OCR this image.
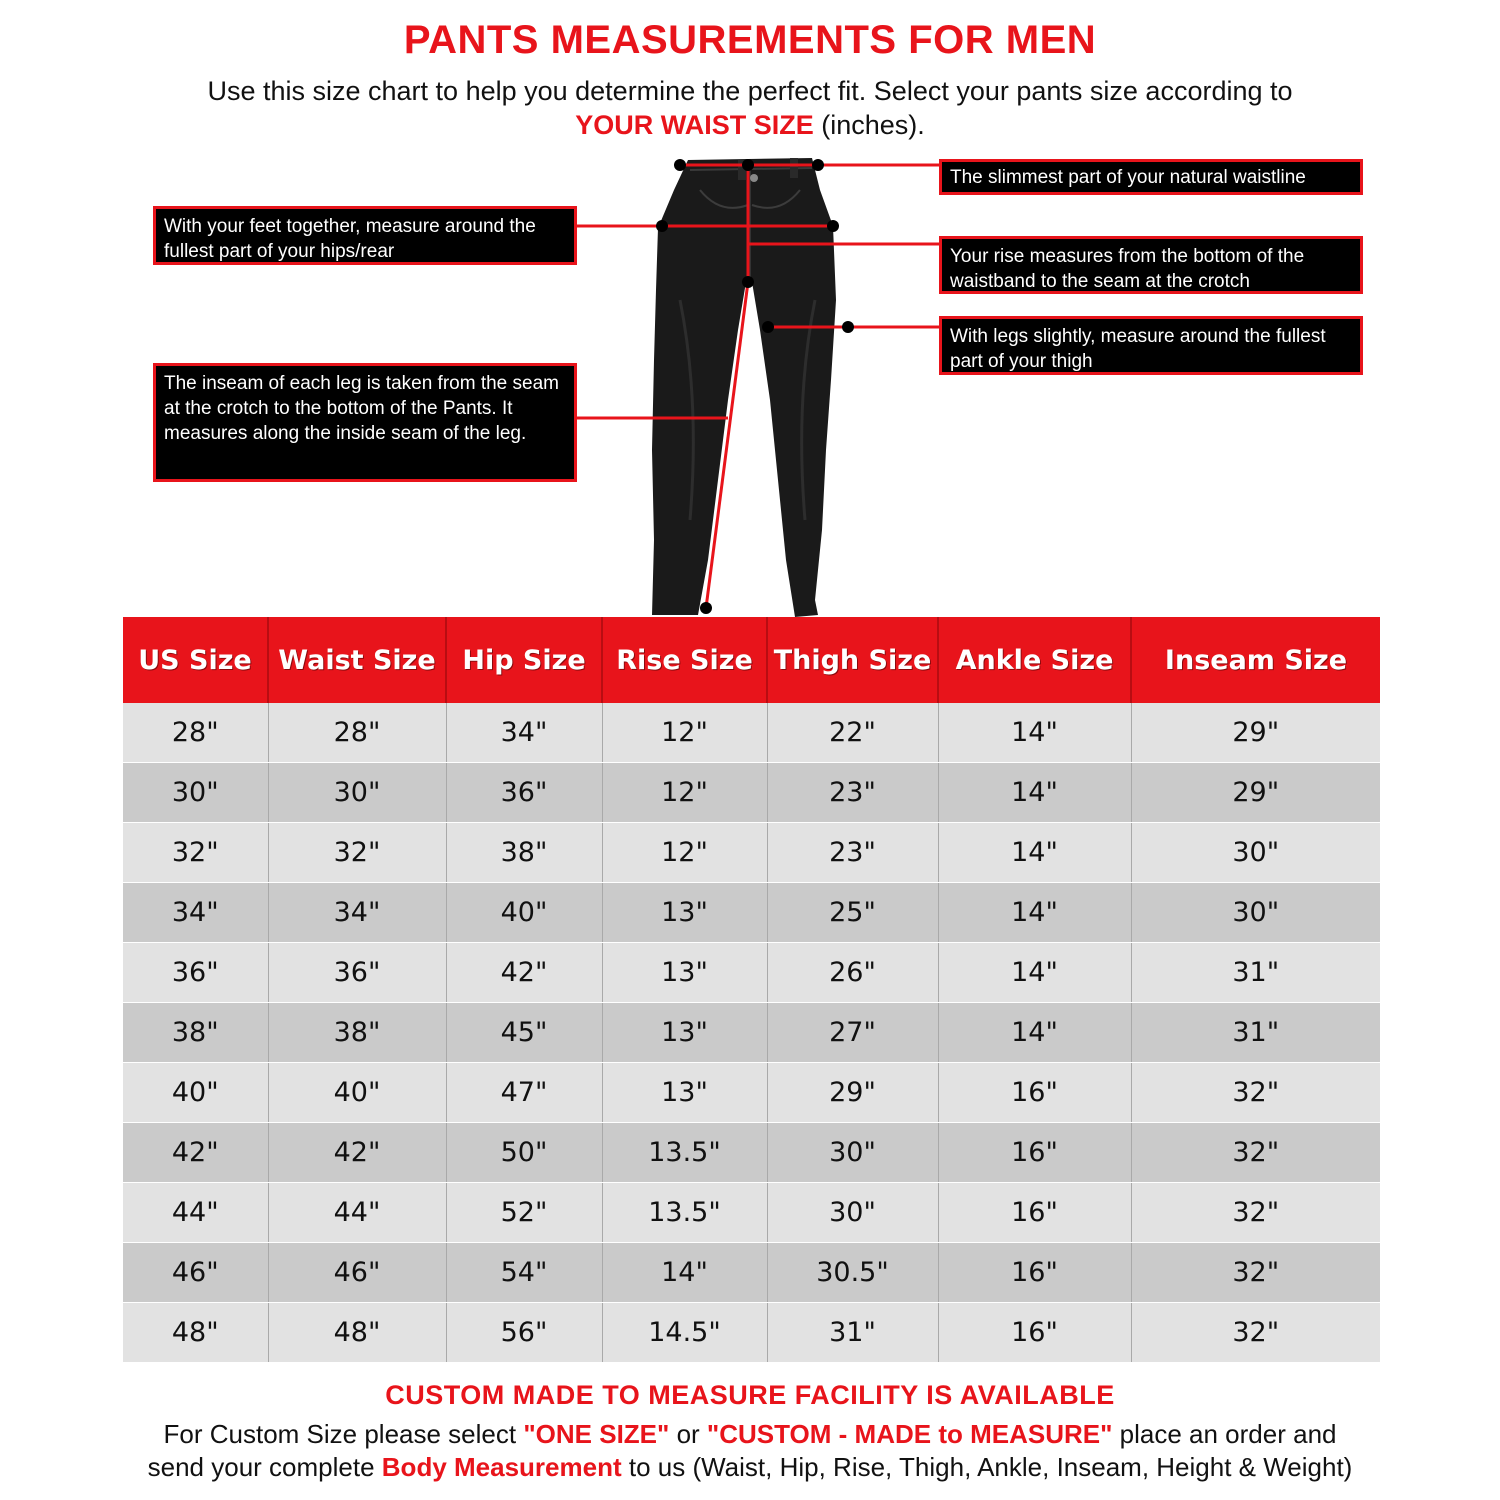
PANTS MEASUREMENTS FOR MEN
Use this size chart to help you determine the perfect fit. Select your pants size according to
YOUR WAIST SIZE (inches).
The slimmest part of your natural waistline
With your feet together, measure around the fullest part of your hips/rear	Your rise measures from the bottom of the waistband to the seam at the crotch
With legs slightly, measure around the fullest part of your thigh
The inseam of each leg is taken from the seam at the crotch to the bottom of the Pants. It measures along the inside seam of the leg.
US Size	Waist Size	Hip Size	Rise Size	Thigh Size	Ankle Size	Inseam Size
28"	28"	34"	12"	22"	14"	29"
30"	30"	36"	12"	23"	14"	29"
32"	32"	38"	12"	23"	14"	30"
34"	34"	40"	13"	25"	14"	30"
36"	36"	42"	13"	26"	14"	31"
38"	38"	45"	13"	27"	14"	31"
40"	40"	47"	13"	29"	16"	32"
42"	42"	50"	13.5"	30"	16"	32"
44"	44"	52"	13.5"	30"	16"	32"
46"	46"	54"	14"	30.5"	16"	32"
48"	48"	56"	14.5"	31"	16"	32"
CUSTOM MADE TO MEASURE FACILITY IS AVAILABLE
For Custom Size please select "ONE SIZE" or "CUSTOM - MADE to MEASURE" place an order and
send your complete Body Measurement to us (Waist, Hip, Rise, Thigh, Ankle, Inseam, Height & Weight)
